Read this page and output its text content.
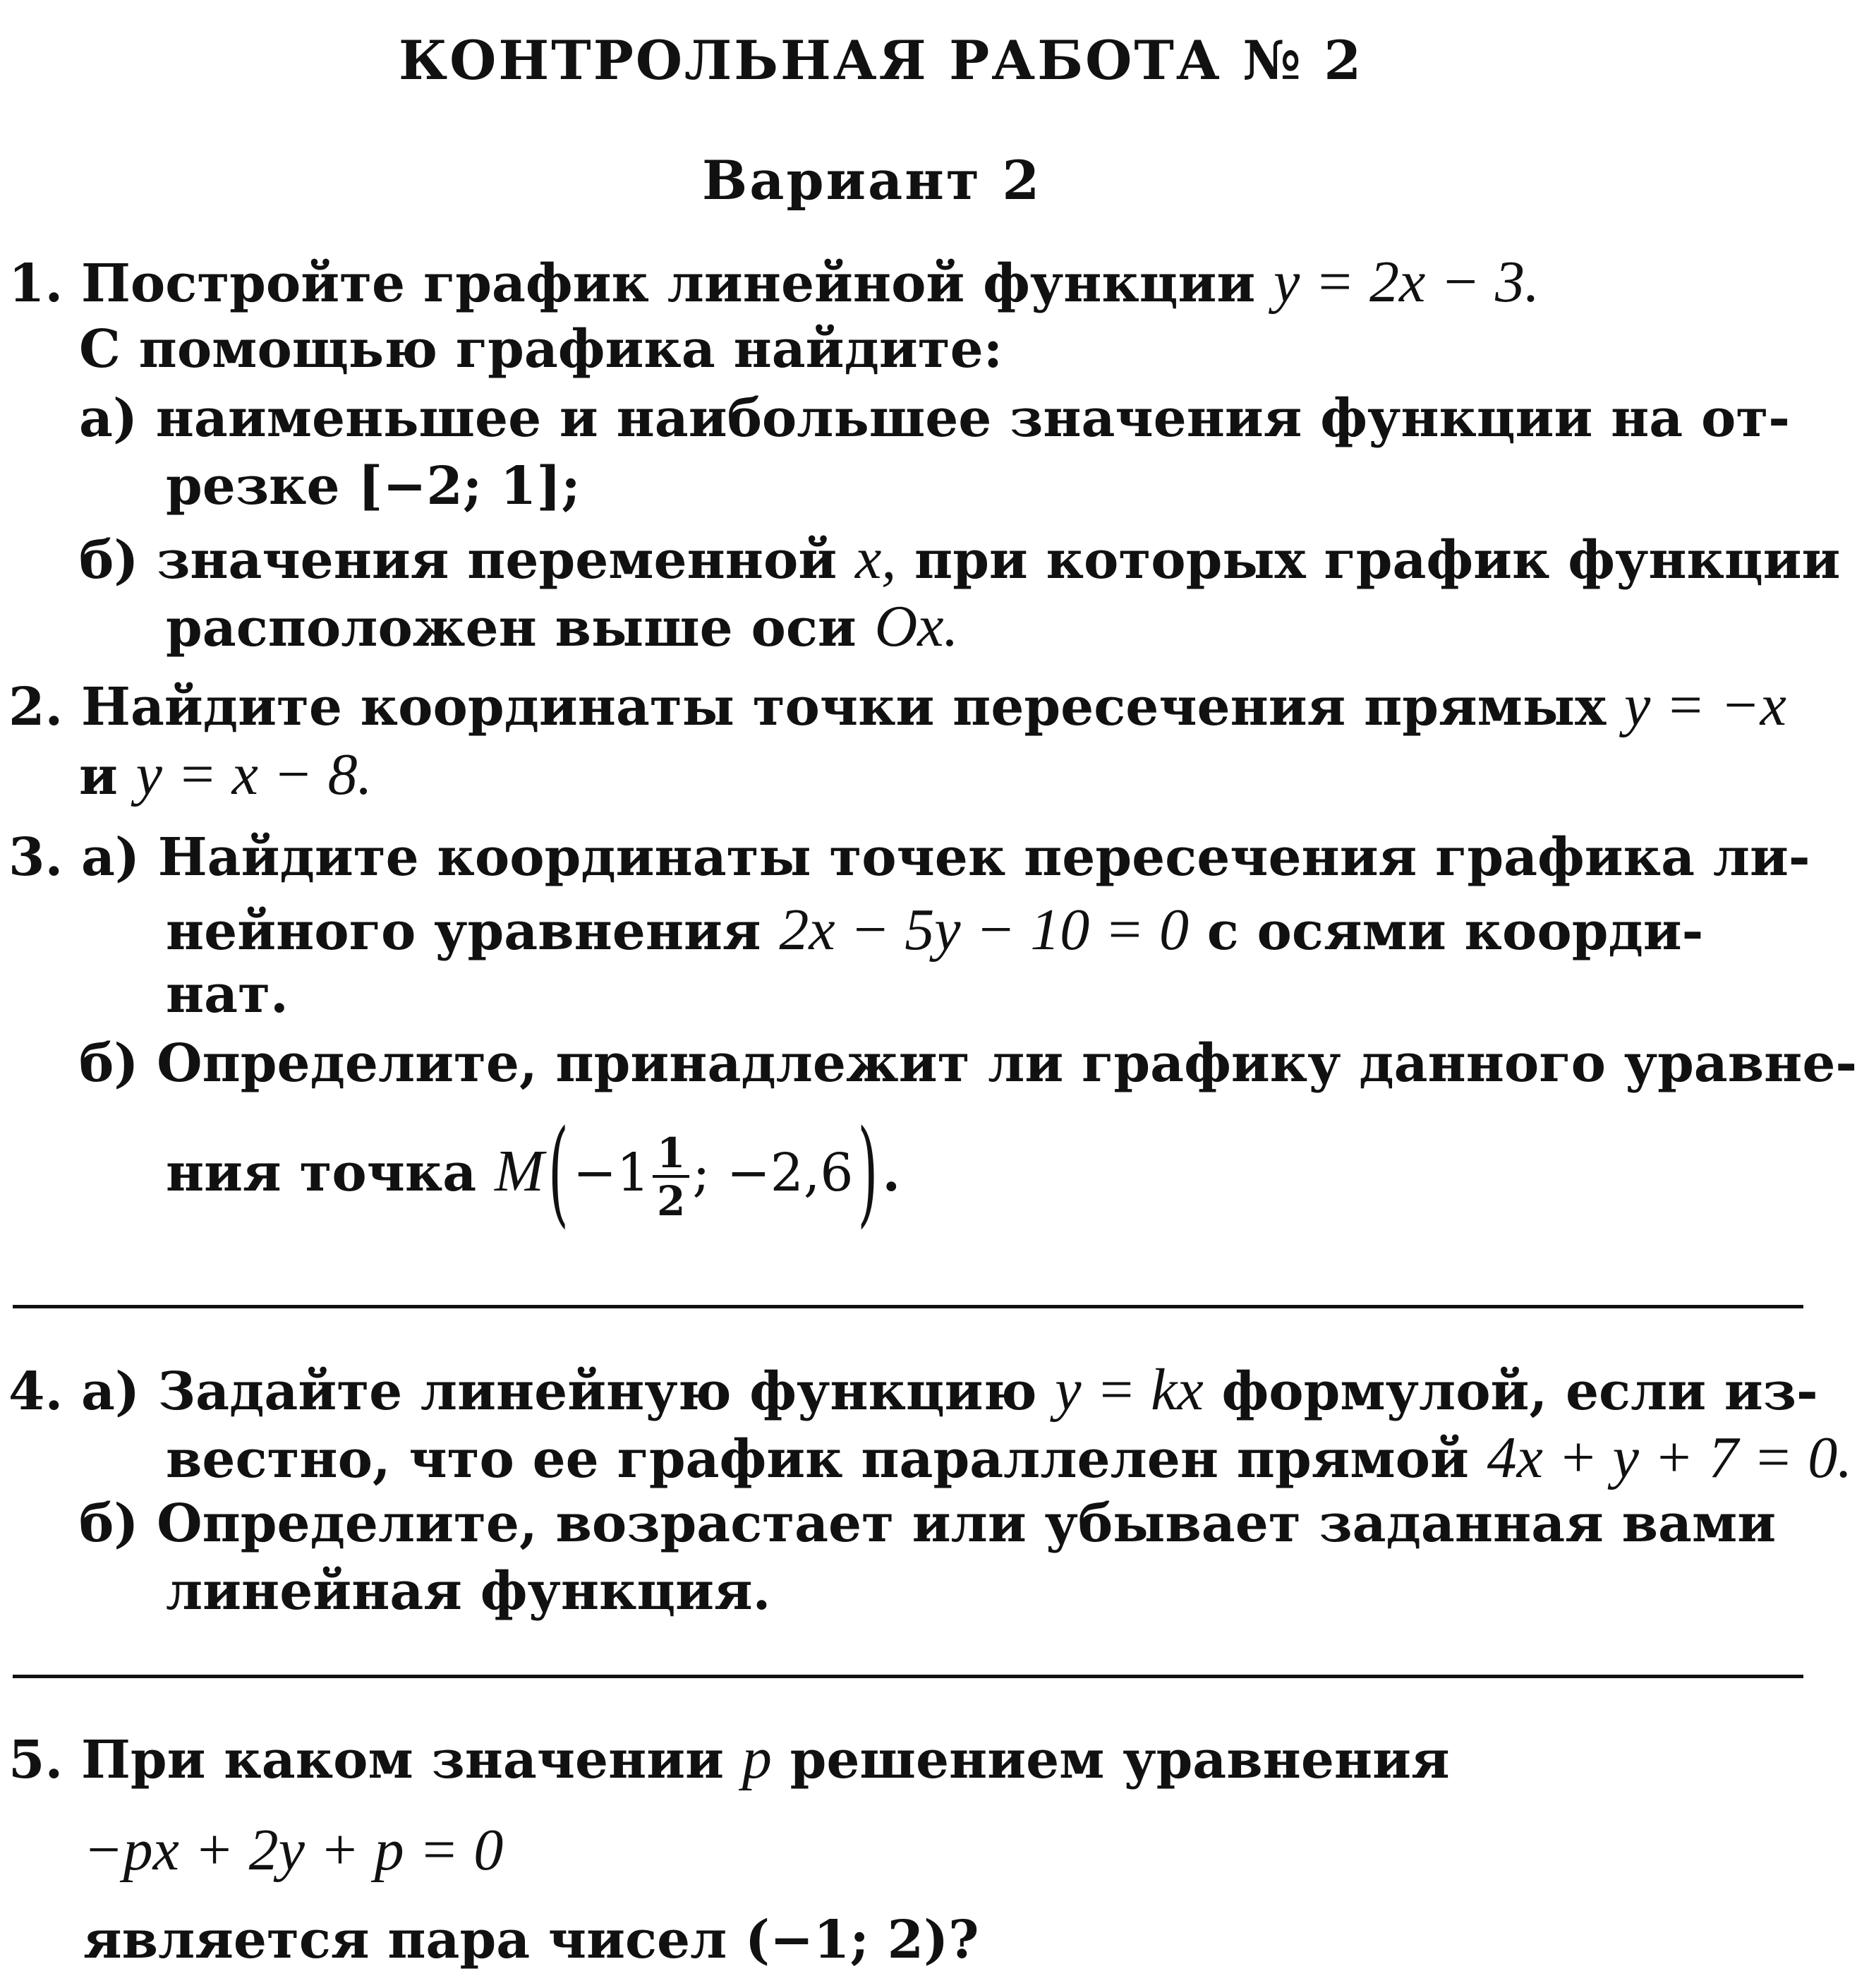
КОНТРОЛЬНАЯ РАБОТА № 2
Вариант 2
1. Постройте график линейной функции y = 2x − 3.
С помощью графика найдите:
а) наименьшее и наибольшее значения функции на от-
резке [−2; 1];
б) значения переменной x, при которых график функции
расположен выше оси Ox.
2. Найдите координаты точки пересечения прямых y = −x
и y = x − 8.
3. а) Найдите координаты точек пересечения графика ли-
нейного уравнения 2x − 5y − 10 = 0 с осями коорди-
нат.
б) Определите, принадлежит ли графику данного уравне-
ния точка $M(-1 \frac{1}{2}$ ; −2,6).
4. а) Задайте линейную функцию y = kx формулой, если из-
вестно, что ее график параллелен прямой 4x + y + 7 = 0.
б) Определите, возрастает или убывает заданная вами
линейная функция.
5. При каком значении p решением уравнения
−px + 2y + p = 0
является пара чисел (−1; 2)?
